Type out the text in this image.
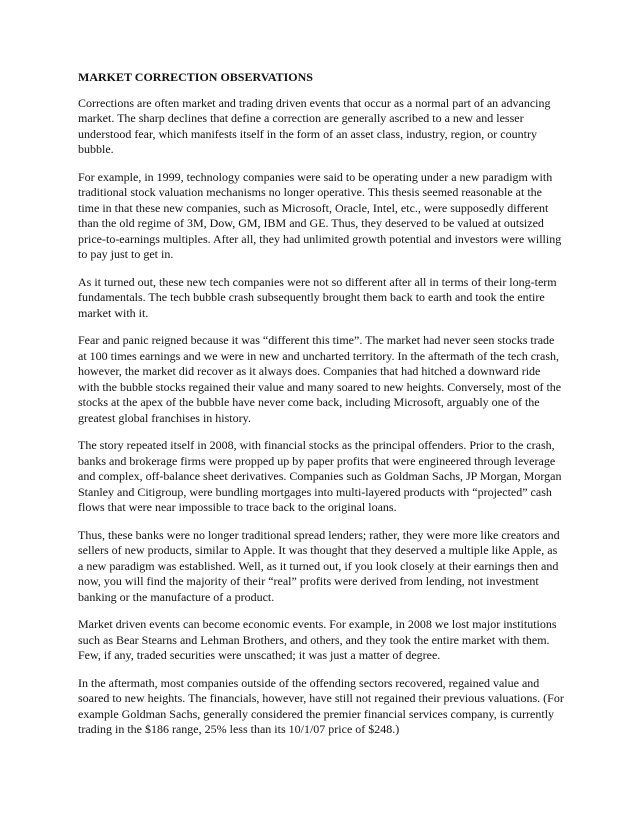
MARKET CORRECTION OBSERVATIONS
Corrections are often market and trading driven events that occur as a normal part of an advancing market. The sharp declines that define a correction are generally ascribed to a new and lesser understood fear, which manifests itself in the form of an asset class, industry, region, or country bubble.
For example, in 1999, technology companies were said to be operating under a new paradigm with traditional stock valuation mechanisms no longer operative. This thesis seemed reasonable at the time in that these new companies, such as Microsoft, Oracle, Intel, etc., were supposedly different than the old regime of 3M, Dow, GM, IBM and GE. Thus, they deserved to be valued at outsized price-to-earnings multiples. After all, they had unlimited growth potential and investors were willing to pay just to get in.
As it turned out, these new tech companies were not so different after all in terms of their long-term fundamentals. The tech bubble crash subsequently brought them back to earth and took the entire market with it.
Fear and panic reigned because it was “different this time”. The market had never seen stocks trade at 100 times earnings and we were in new and uncharted territory. In the aftermath of the tech crash, however, the market did recover as it always does. Companies that had hitched a downward ride with the bubble stocks regained their value and many soared to new heights. Conversely, most of the stocks at the apex of the bubble have never come back, including Microsoft, arguably one of the greatest global franchises in history.
The story repeated itself in 2008, with financial stocks as the principal offenders. Prior to the crash, banks and brokerage firms were propped up by paper profits that were engineered through leverage and complex, off-balance sheet derivatives. Companies such as Goldman Sachs, JP Morgan, Morgan Stanley and Citigroup, were bundling mortgages into multi-layered products with “projected” cash flows that were near impossible to trace back to the original loans.
Thus, these banks were no longer traditional spread lenders; rather, they were more like creators and sellers of new products, similar to Apple. It was thought that they deserved a multiple like Apple, as a new paradigm was established. Well, as it turned out, if you look closely at their earnings then and now, you will find the majority of their “real” profits were derived from lending, not investment banking or the manufacture of a product.
Market driven events can become economic events. For example, in 2008 we lost major institutions such as Bear Stearns and Lehman Brothers, and others, and they took the entire market with them. Few, if any, traded securities were unscathed; it was just a matter of degree.
In the aftermath, most companies outside of the offending sectors recovered, regained value and soared to new heights. The financials, however, have still not regained their previous valuations. (For example Goldman Sachs, generally considered the premier financial services company, is currently trading in the $186 range, 25% less than its 10/1/07 price of $248.)
